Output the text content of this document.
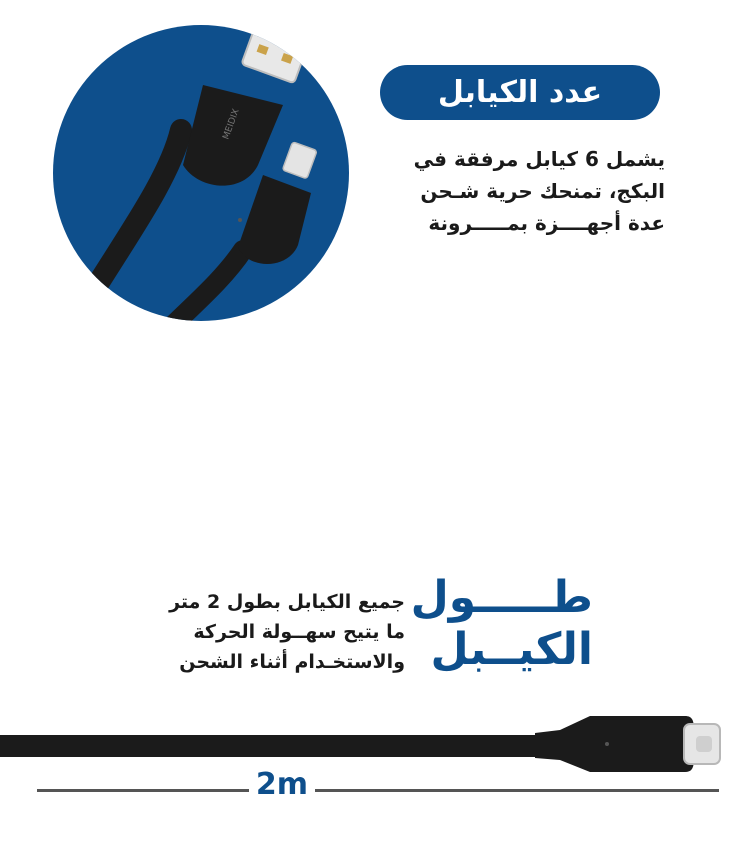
MEIDIX
عدد الكيابل
يشمل 6 كيابل مرفقة في
البكج، تمنحك حرية شـحن
عدة أجهــــزة بمـــــرونة
طـــــول
الكيــبل
جميع الكيابل بطول 2 متر
ما يتيح سهــولة الحركة
والاستخـدام أثناء الشحن
2m
